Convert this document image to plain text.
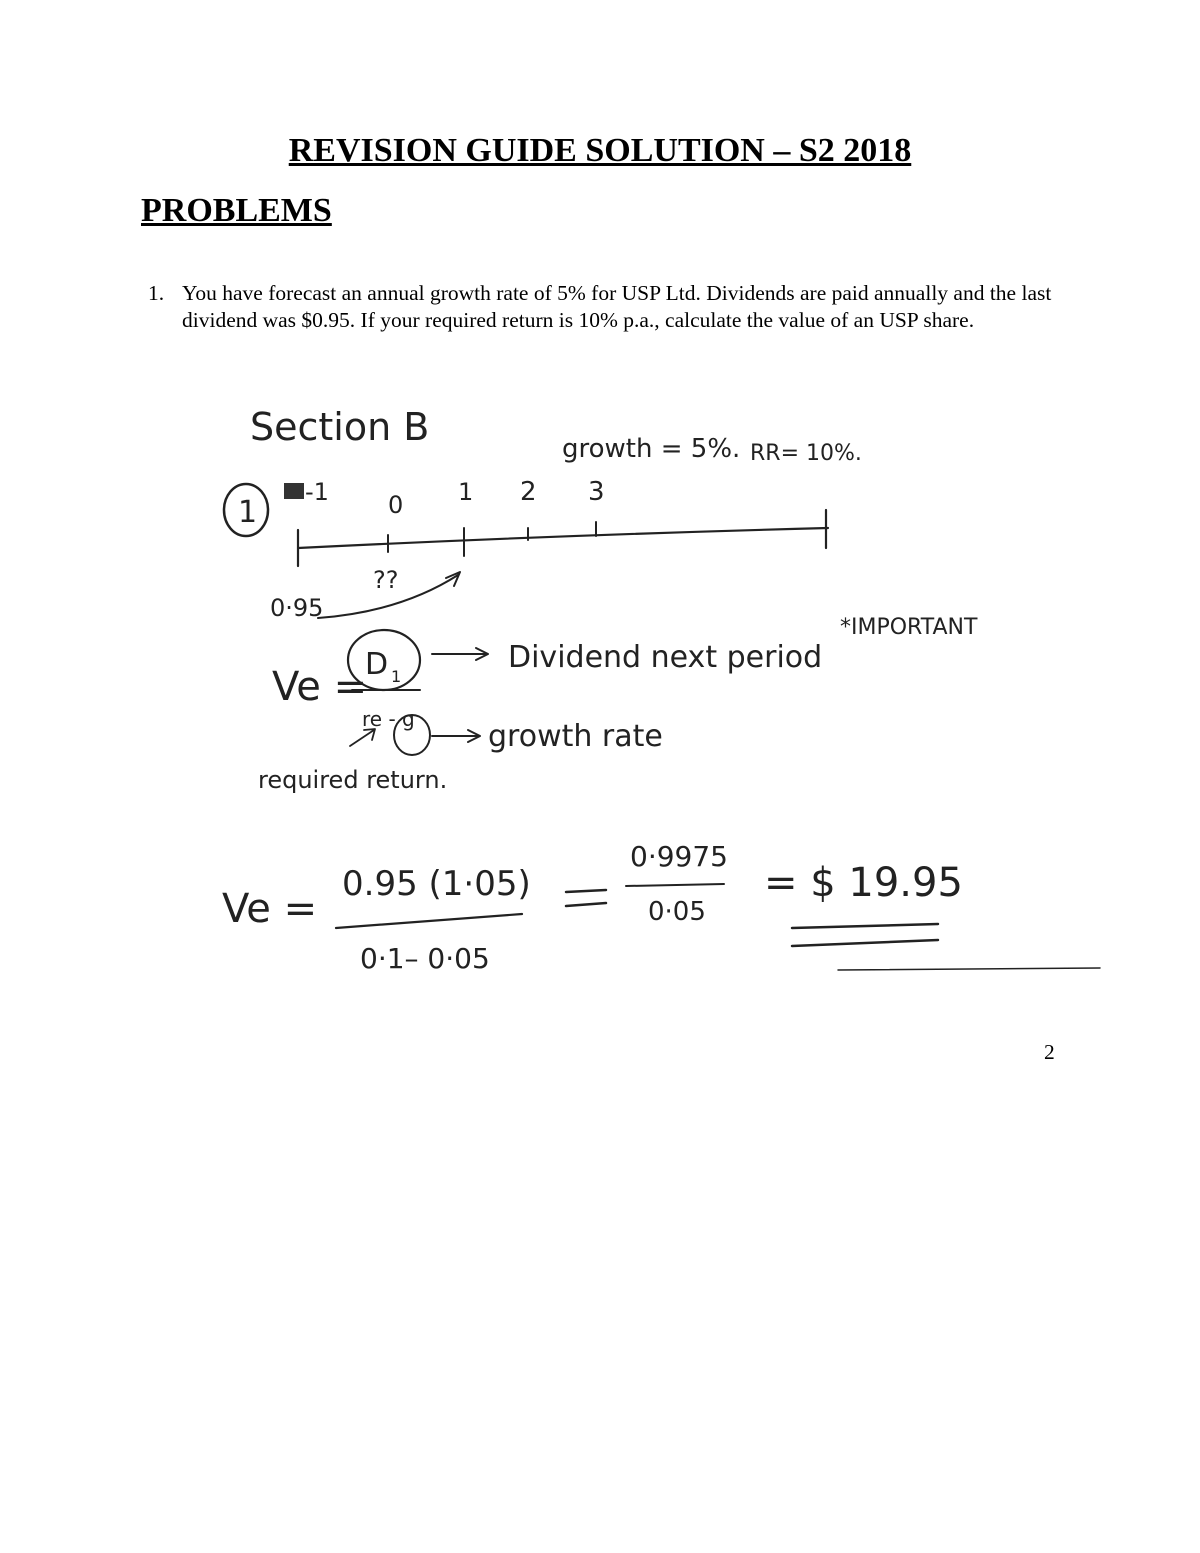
REVISION GUIDE SOLUTION – S2 2018
PROBLEMS
1. You have forecast an annual growth rate of 5% for USP Ltd. Dividends are paid annually and the last dividend was $0.95. If your required return is 10% p.a., calculate the value of an USP share.
Section B	growth = 5%. RR= 10%.
1
-1 0 1 2 3
??
0·95
Ve =
D 1
re - g
Dividend next period
*IMPORTANT
growth rate
required return.
Ve =
0.95 (1·05)
0·1– 0·05
0·9975
0·05
= $ 19.95
2
